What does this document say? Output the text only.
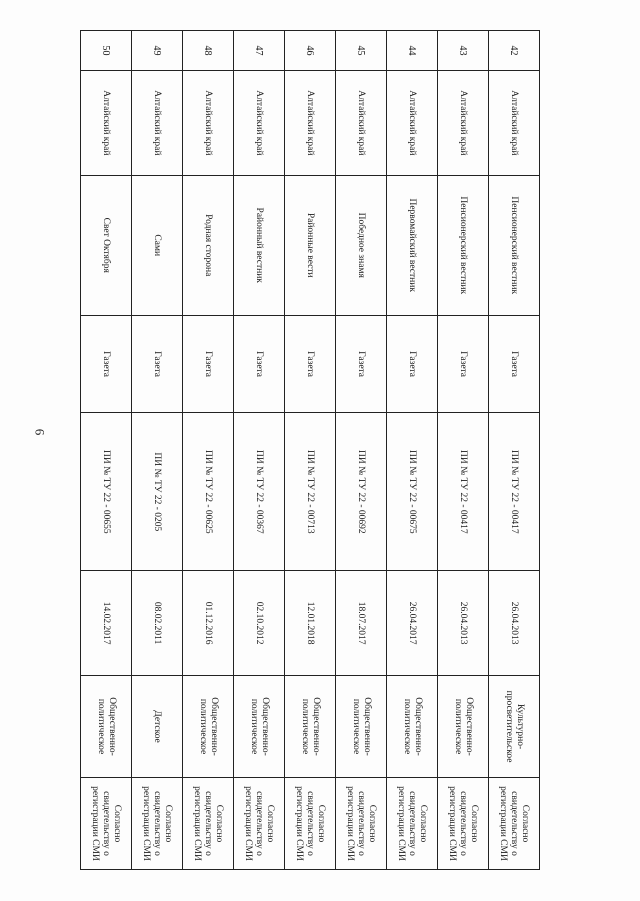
6
42	Алтайский край	Пенсионерский вестник	Газета	ПИ № ТУ 22 - 00417	26.04.2013	Культурно-просветительское	Согласно свидетельству о регистрации СМИ
43	Алтайский край	Пенсионерский вестник	Газета	ПИ № ТУ 22 - 00417	26.04.2013	Общественно-политическое	Согласно свидетельству о регистрации СМИ
44	Алтайский край	Первомайский вестник	Газета	ПИ № ТУ 22 - 00675	26.04.2017	Общественно-политическое	Согласно свидетельству о регистрации СМИ
45	Алтайский край	Победное знамя	Газета	ПИ № ТУ 22 - 00692	18.07.2017	Общественно-политическое	Согласно свидетельству о регистрации СМИ
46	Алтайский край	Районные вести	Газета	ПИ № ТУ 22 - 00713	12.01.2018	Общественно-политическое	Согласно свидетельству о регистрации СМИ
47	Алтайский край	Районный вестник	Газета	ПИ № ТУ 22 - 00367	02.10.2012	Общественно-политическое	Согласно свидетельству о регистрации СМИ
48	Алтайский край	Родная сторона	Газета	ПИ № ТУ 22 - 00625	01.12.2016	Общественно-политическое	Согласно свидетельству о регистрации СМИ
49	Алтайский край	Сами	Газета	ПИ № ТУ 22 - 0205	08.02.2011	Детское	Согласно свидетельству о регистрации СМИ
50	Алтайский край	Свет Октября	Газета	ПИ № ТУ 22 - 00655	14.02.2017	Общественно-политическое	Согласно свидетельству о регистрации СМИ
